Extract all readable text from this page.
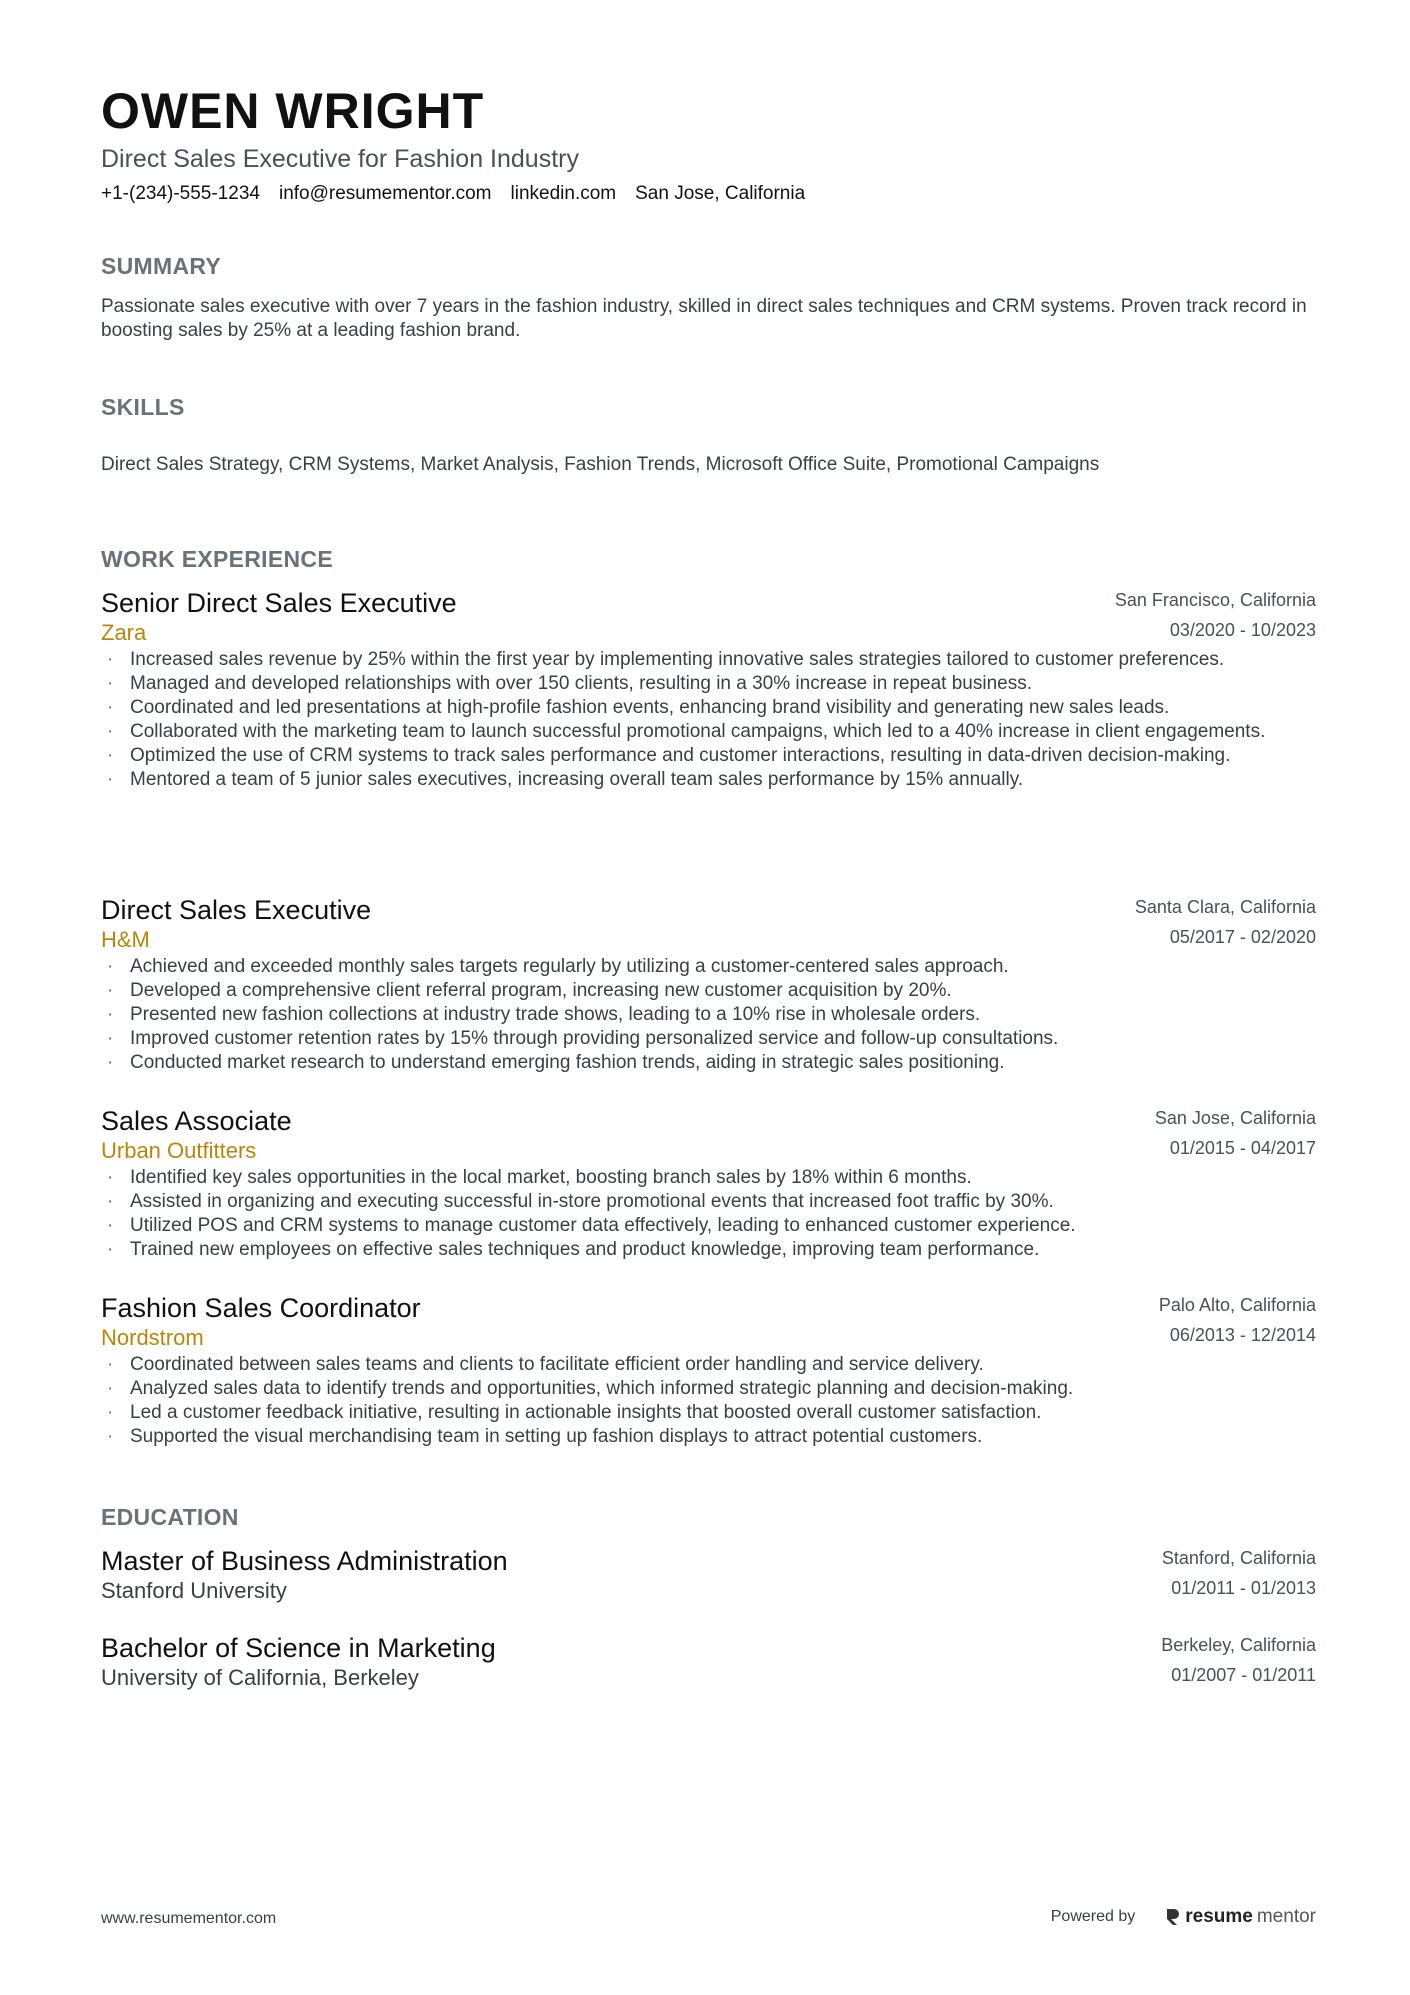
OWEN WRIGHT
Direct Sales Executive for Fashion Industry
+1-(234)-555-1234 info@resumementor.com linkedin.com San Jose, California
SUMMARY
Passionate sales executive with over 7 years in the fashion industry, skilled in direct sales techniques and CRM systems. Proven track record in boosting sales by 25% at a leading fashion brand.
SKILLS
Direct Sales Strategy, CRM Systems, Market Analysis, Fashion Trends, Microsoft Office Suite, Promotional Campaigns
WORK EXPERIENCE
Senior Direct Sales Executive
Zara
San Francisco, California
03/2020 - 10/2023
· Increased sales revenue by 25% within the first year by implementing innovative sales strategies tailored to customer preferences.
· Managed and developed relationships with over 150 clients, resulting in a 30% increase in repeat business.
· Coordinated and led presentations at high-profile fashion events, enhancing brand visibility and generating new sales leads.
· Collaborated with the marketing team to launch successful promotional campaigns, which led to a 40% increase in client engagements.
· Optimized the use of CRM systems to track sales performance and customer interactions, resulting in data-driven decision-making.
· Mentored a team of 5 junior sales executives, increasing overall team sales performance by 15% annually.
Direct Sales Executive
H&M
Santa Clara, California
05/2017 - 02/2020
· Achieved and exceeded monthly sales targets regularly by utilizing a customer-centered sales approach.
· Developed a comprehensive client referral program, increasing new customer acquisition by 20%.
· Presented new fashion collections at industry trade shows, leading to a 10% rise in wholesale orders.
· Improved customer retention rates by 15% through providing personalized service and follow-up consultations.
· Conducted market research to understand emerging fashion trends, aiding in strategic sales positioning.
Sales Associate
Urban Outfitters
San Jose, California
01/2015 - 04/2017
· Identified key sales opportunities in the local market, boosting branch sales by 18% within 6 months.
· Assisted in organizing and executing successful in-store promotional events that increased foot traffic by 30%.
· Utilized POS and CRM systems to manage customer data effectively, leading to enhanced customer experience.
· Trained new employees on effective sales techniques and product knowledge, improving team performance.
Fashion Sales Coordinator
Nordstrom
Palo Alto, California
06/2013 - 12/2014
· Coordinated between sales teams and clients to facilitate efficient order handling and service delivery.
· Analyzed sales data to identify trends and opportunities, which informed strategic planning and decision-making.
· Led a customer feedback initiative, resulting in actionable insights that boosted overall customer satisfaction.
· Supported the visual merchandising team in setting up fashion displays to attract potential customers.
EDUCATION
Master of Business Administration
Stanford University
Stanford, California
01/2011 - 01/2013
Bachelor of Science in Marketing
University of California, Berkeley
Berkeley, California
01/2007 - 01/2011
www.resumementor.com	Powered by	resume mentor
